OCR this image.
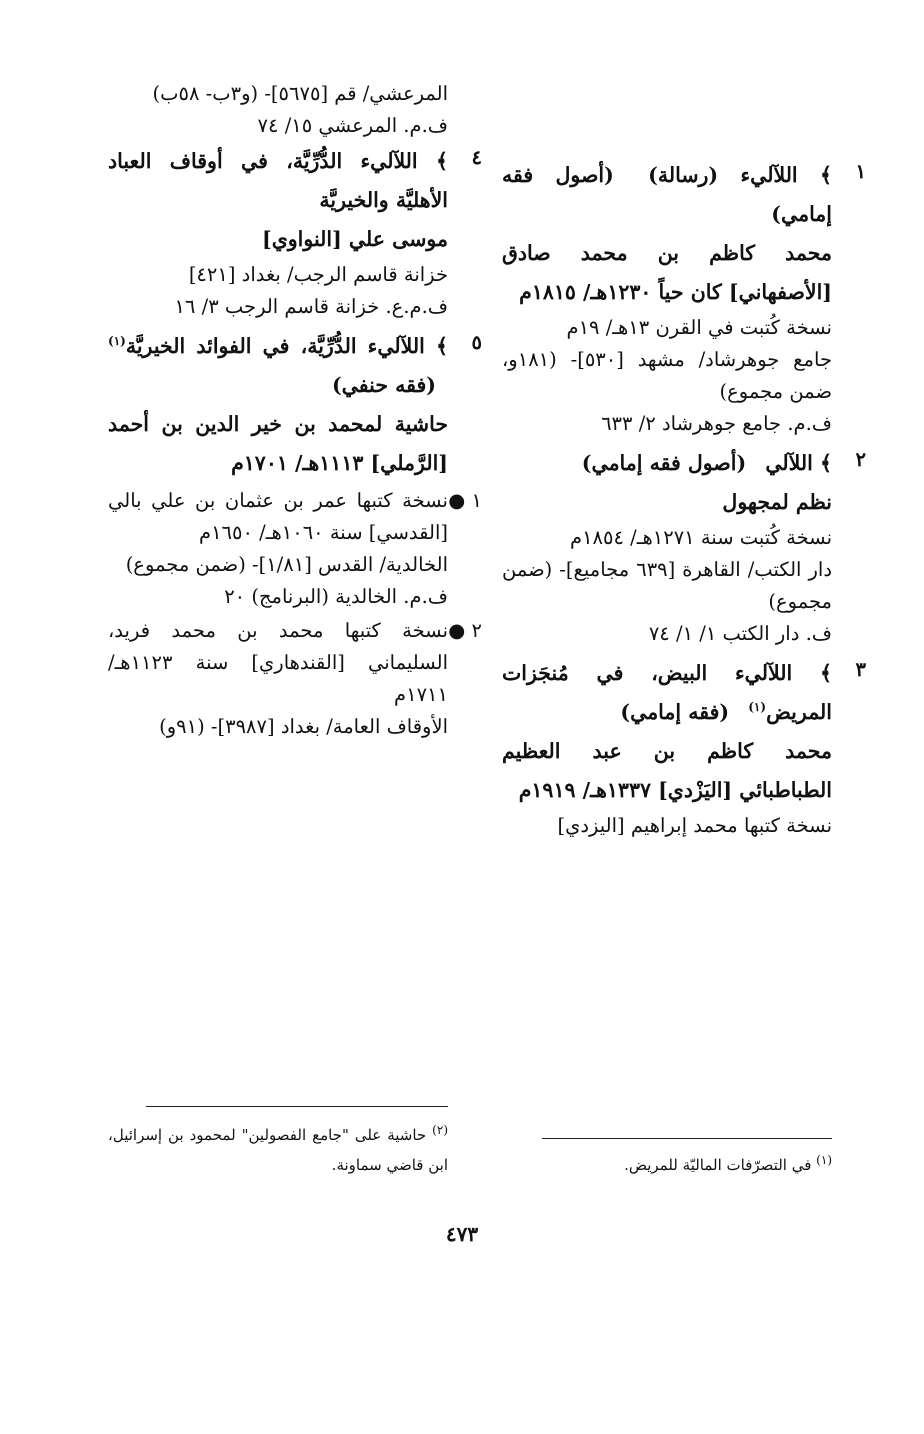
١
﴾ اللآليء (رسالة) (أصول فقه إمامي)
محمد كاظم بن محمد صادق [الأصفهاني] كان حياً ١٢٣٠هـ/ ١٨١٥م
نسخة كُتبت في القرن ١٣هـ/ ١٩م
جامع جوهرشاد/ مشهد [٥٣٠]- (١٨١و، ضمن مجموع)
ف.م. جامع جوهرشاد ٢/ ٦٣٣
٢
﴾ اللآلي (أصول فقه إمامي)
نظم لمجهول
نسخة كُتبت سنة ١٢٧١هـ/ ١٨٥٤م
دار الكتب/ القاهرة [٦٣٩ مجاميع]- (ضمن مجموع)
ف. دار الكتب ١/ ١/ ٧٤
٣
﴾ اللآليء البيض، في مُنجَزات المريض$^{(١)}$ (فقه إمامي)
محمد كاظم بن عبد العظيم الطباطبائي [اليَزْدي] ١٣٣٧هـ/ ١٩١٩م
نسخة كتبها محمد إبراهيم [اليزدي]
المرعشي/ قم [٥٦٧٥]- (و٣ب- ٥٨ب)
ف.م. المرعشي ١٥/ ٧٤
٤
﴾ اللآليء الدُّرِّيَّة، في أوقاف العباد الأهليَّة والخيريَّة
موسى علي [النواوي]
خزانة قاسم الرجب/ بغداد [٤٢١]
ف.م.ع. خزانة قاسم الرجب ٣/ ١٦
٥
﴾ اللآليء الدُّرِّيَّة، في الفوائد الخيريَّة$^{(١)}$ (فقه حنفي)
حاشية لمحمد بن خير الدين بن أحمد [الرَّملي] ١١١٣هـ/ ١٧٠١م
١ ●
نسخة كتبها عمر بن عثمان بن علي بالي [القدسي] سنة ١٠٦٠هـ/ ١٦٥٠م
الخالدية/ القدس [١/٨١]- (ضمن مجموع)
ف.م. الخالدية (البرنامج) ٢٠
٢ ●
نسخة كتبها محمد بن محمد فريد، السليماني [القندهاري] سنة ١١٢٣هـ/ ١٧١١م
الأوقاف العامة/ بغداد [٣٩٨٧]- (٩١و)
$^{(١)}$ في التصرّفات الماليّة للمريض.
$^{(٢)}$ حاشية على "جامع الفصولين" لمحمود بن إسرائيل، ابن قاضي سماونة.
٤٧٣
